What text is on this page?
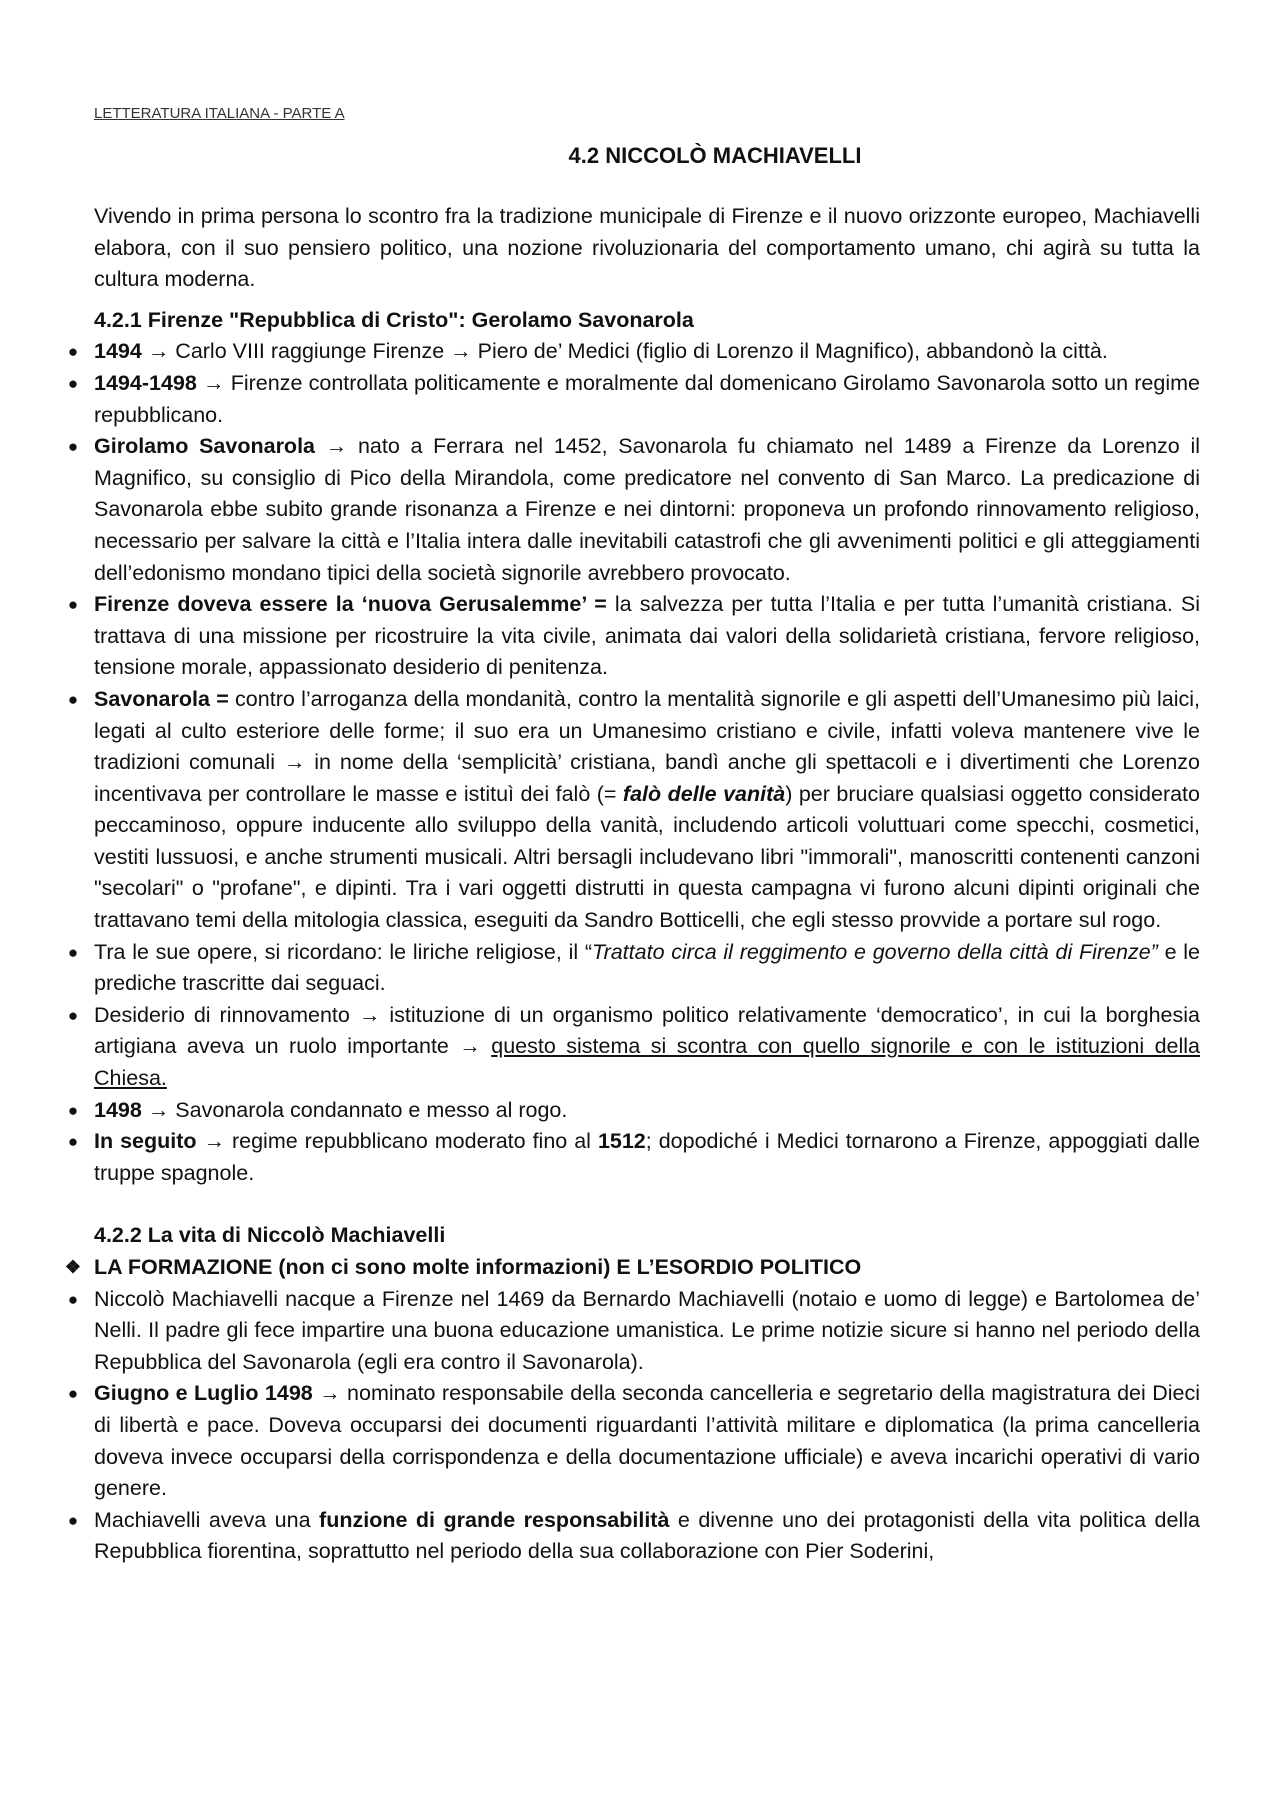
LETTERATURA ITALIANA - PARTE A
4.2 NICCOLÒ MACHIAVELLI

Vivendo in prima persona lo scontro fra la tradizione municipale di Firenze e il nuovo orizzonte europeo, Machiavelli elabora, con il suo pensiero politico, una nozione rivoluzionaria del comportamento umano, chi agirà su tutta la cultura moderna.

4.2.1 Firenze "Repubblica di Cristo": Gerolamo Savonarola
● 1494 → Carlo VIII raggiunge Firenze → Piero de’ Medici (figlio di Lorenzo il Magnifico), abbandonò la città.
● 1494-1498 → Firenze controllata politicamente e moralmente dal domenicano Girolamo Savonarola sotto un regime repubblicano.
● Girolamo Savonarola → nato a Ferrara nel 1452, Savonarola fu chiamato nel 1489 a Firenze da Lorenzo il Magnifico, su consiglio di Pico della Mirandola, come predicatore nel convento di San Marco. La predicazione di Savonarola ebbe subito grande risonanza a Firenze e nei dintorni: proponeva un profondo rinnovamento religioso, necessario per salvare la città e l’Italia intera dalle inevitabili catastrofi che gli avvenimenti politici e gli atteggiamenti dell’edonismo mondano tipici della società signorile avrebbero provocato.
● Firenze doveva essere la ‘nuova Gerusalemme’ = la salvezza per tutta l’Italia e per tutta l’umanità cristiana. Si trattava di una missione per ricostruire la vita civile, animata dai valori della solidarietà cristiana, fervore religioso, tensione morale, appassionato desiderio di penitenza.
● Savonarola = contro l’arroganza della mondanità, contro la mentalità signorile e gli aspetti dell’Umanesimo più laici, legati al culto esteriore delle forme; il suo era un Umanesimo cristiano e civile, infatti voleva mantenere vive le tradizioni comunali → in nome della ‘semplicità’ cristiana, bandì anche gli spettacoli e i divertimenti che Lorenzo incentivava per controllare le masse e istituì dei falò (= falò delle vanità) per bruciare qualsiasi oggetto considerato peccaminoso, oppure inducente allo sviluppo della vanità, includendo articoli voluttuari come specchi, cosmetici, vestiti lussuosi, e anche strumenti musicali. Altri bersagli includevano libri "immorali", manoscritti contenenti canzoni "secolari" o "profane", e dipinti. Tra i vari oggetti distrutti in questa campagna vi furono alcuni dipinti originali che trattavano temi della mitologia classica, eseguiti da Sandro Botticelli, che egli stesso provvide a portare sul rogo.
● Tra le sue opere, si ricordano: le liriche religiose, il “Trattato circa il reggimento e governo della città di Firenze” e le prediche trascritte dai seguaci.
● Desiderio di rinnovamento → istituzione di un organismo politico relativamente ‘democratico’, in cui la borghesia artigiana aveva un ruolo importante → questo sistema si scontra con quello signorile e con le istituzioni della Chiesa.
● 1498 → Savonarola condannato e messo al rogo.
● In seguito → regime repubblicano moderato fino al 1512; dopodiché i Medici tornarono a Firenze, appoggiati dalle truppe spagnole.
4.2.2 La vita di Niccolò Machiavelli
❖ LA FORMAZIONE (non ci sono molte informazioni) E L’ESORDIO POLITICO
● Niccolò Machiavelli nacque a Firenze nel 1469 da Bernardo Machiavelli (notaio e uomo di legge) e Bartolomea de’ Nelli. Il padre gli fece impartire una buona educazione umanistica. Le prime notizie sicure si hanno nel periodo della Repubblica del Savonarola (egli era contro il Savonarola).
● Giugno e Luglio 1498 → nominato responsabile della seconda cancelleria e segretario della magistratura dei Dieci di libertà e pace. Doveva occuparsi dei documenti riguardanti l’attività militare e diplomatica (la prima cancelleria doveva invece occuparsi della corrispondenza e della documentazione ufficiale) e aveva incarichi operativi di vario genere.
● Machiavelli aveva una funzione di grande responsabilità e divenne uno dei protagonisti della vita politica della Repubblica fiorentina, soprattutto nel periodo della sua collaborazione con Pier Soderini,
